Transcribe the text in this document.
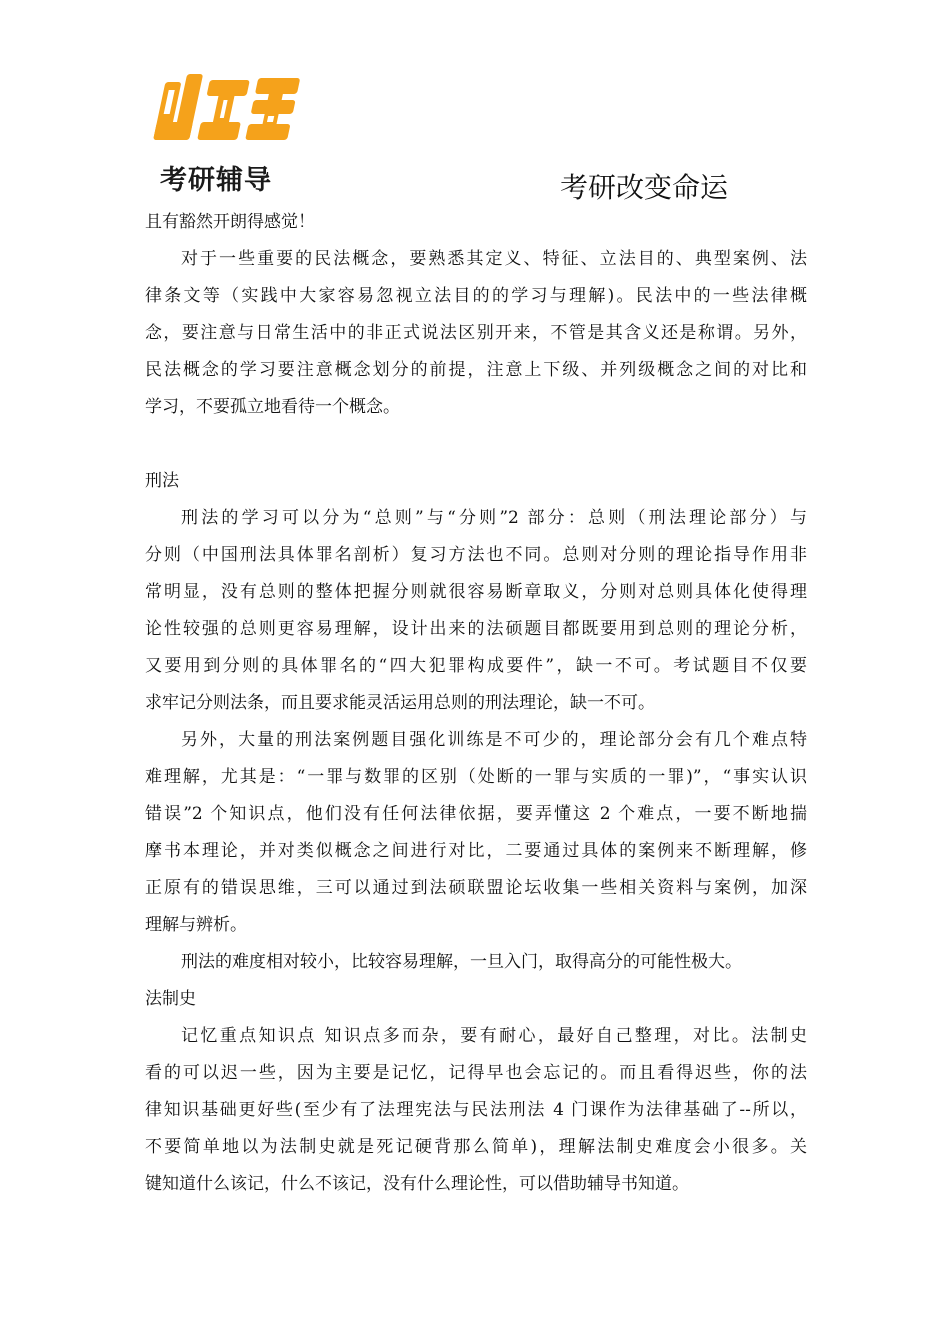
考研辅导	考研改变命运
且有豁然开朗得感觉！
对于一些重要的民法概念，要熟悉其定义、特征、立法目的、典型案例、法
律条文等（实践中大家容易忽视立法目的的学习与理解)。民法中的一些法律概
念，要注意与日常生活中的非正式说法区别开来，不管是其含义还是称谓。另外，
民法概念的学习要注意概念划分的前提，注意上下级、并列级概念之间的对比和
学习，不要孤立地看待一个概念。
刑法
刑法的学习可以分为“总则”与“分则”2 部分：总则（刑法理论部分）与
分则（中国刑法具体罪名剖析）复习方法也不同。总则对分则的理论指导作用非
常明显，没有总则的整体把握分则就很容易断章取义，分则对总则具体化使得理
论性较强的总则更容易理解，设计出来的法硕题目都既要用到总则的理论分析，
又要用到分则的具体罪名的“四大犯罪构成要件”，缺一不可。考试题目不仅要
求牢记分则法条，而且要求能灵活运用总则的刑法理论，缺一不可。
另外，大量的刑法案例题目强化训练是不可少的，理论部分会有几个难点特
难理解，尤其是：“一罪与数罪的区别（处断的一罪与实质的一罪)”，“事实认识
错误”2 个知识点，他们没有任何法律依据，要弄懂这 2 个难点，一要不断地揣
摩书本理论，并对类似概念之间进行对比，二要通过具体的案例来不断理解，修
正原有的错误思维，三可以通过到法硕联盟论坛收集一些相关资料与案例，加深
理解与辨析。
刑法的难度相对较小，比较容易理解，一旦入门，取得高分的可能性极大。
法制史
记忆重点知识点 知识点多而杂，要有耐心，最好自己整理，对比。法制史
看的可以迟一些，因为主要是记忆，记得早也会忘记的。而且看得迟些，你的法
律知识基础更好些(至少有了法理宪法与民法刑法 4 门课作为法律基础了--所以，
不要简单地以为法制史就是死记硬背那么简单)，理解法制史难度会小很多。关
键知道什么该记，什么不该记，没有什么理论性，可以借助辅导书知道。
